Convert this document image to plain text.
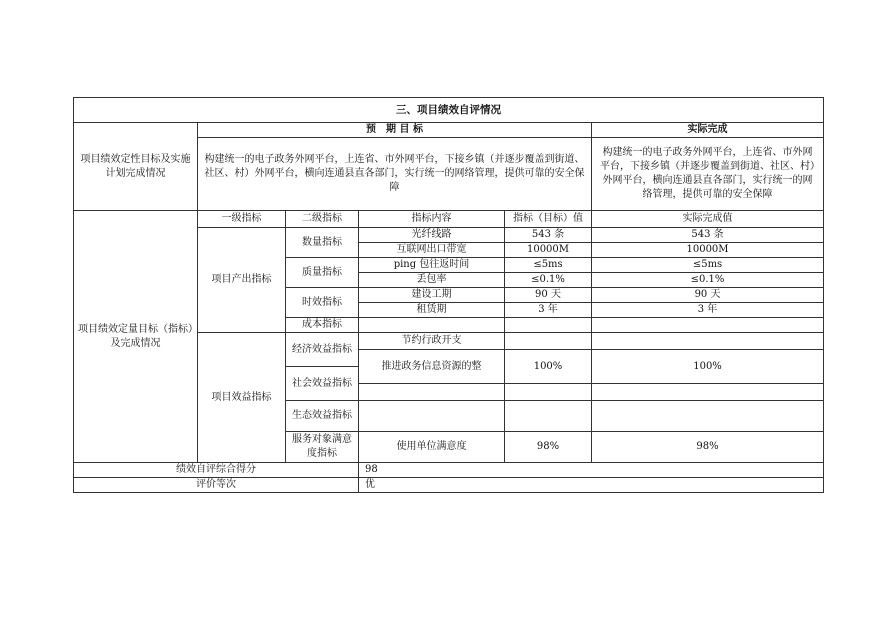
三、项目绩效自评情况					
项目绩效定性目标及实施计划完成情况	预　期 目 标				实际完成
	构建统一的电子政务外网平台，上连省、市外网平台，下接乡镇（并逐步覆盖到街道、社区、村）外网平台，横向连通县直各部门，实行统一的网络管理，提供可靠的安全保障				构建统一的电子政务外网平台，上连省、市外网平台，下接乡镇（并逐步覆盖到街道、社区、村）外网平台，横向连通县直各部门，实行统一的网络管理，提供可靠的安全保障
项目绩效定量目标（指标）及完成情况	一级指标	二级指标	指标内容	指标（目标）值	实际完成值
	项目产出指标	数量指标	光纤线路	543 条	543 条
			互联网出口带宽	10000M	10000M
		质量指标	ping 包往返时间	≤5ms	≤5ms
			丢包率	≤0.1%	≤0.1%
		时效指标	建设工期	90 天	90 天
			租赁期	3 年	3 年
		成本指标			
	项目效益指标	经济效益指标	节约行政开支		
			推进政务信息资源的整	100%	100%
		社会效益指标			

		生态效益指标			
		服务对象满意度指标	使用单位满意度	98%	98%
绩效自评综合得分			98		
评价等次			优		
